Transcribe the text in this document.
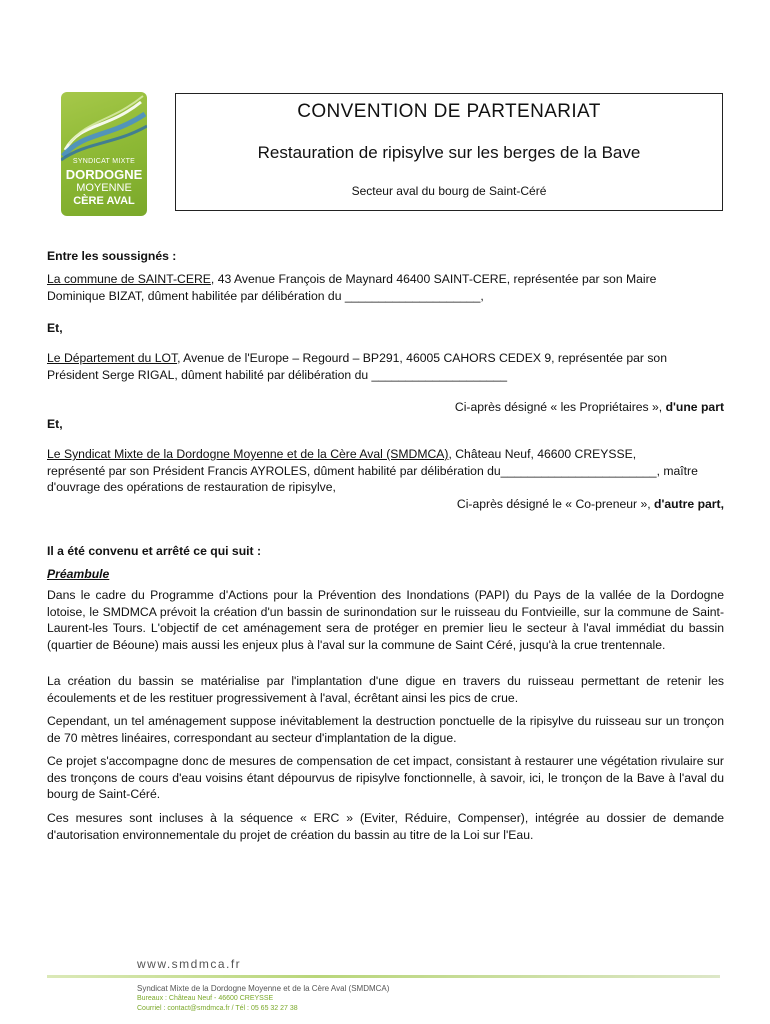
SYNDICAT MIXTE
DORDOGNE
MOYENNE
CÈRE AVAL
CONVENTION DE PARTENARIAT
Restauration de ripisylve sur les berges de la Bave
Secteur aval du bourg de Saint-Céré
Entre les soussignés :
La commune de SAINT-CERE, 43 Avenue François de Maynard 46400 SAINT-CERE, représentée par son Maire
Dominique BIZAT, dûment habilitée par délibération du ____________________,
Et,
Le Département du LOT, Avenue de l'Europe – Regourd – BP291, 46005 CAHORS CEDEX 9, représentée par son
Président Serge RIGAL, dûment habilité par délibération du ____________________
Ci-après désigné « les Propriétaires », d'une part
Et,
Le Syndicat Mixte de la Dordogne Moyenne et de la Cère Aval (SMDMCA), Château Neuf, 46600 CREYSSE,
représenté par son Président Francis AYROLES, dûment habilité par délibération du_______________________, maître
d'ouvrage des opérations de restauration de ripisylve,
Ci-après désigné le « Co-preneur », d'autre part,
Il a été convenu et arrêté ce qui suit :
Préambule
Dans le cadre du Programme d'Actions pour la Prévention des Inondations (PAPI) du Pays de la vallée de la Dordogne lotoise, le SMDMCA prévoit la création d'un bassin de surinondation sur le ruisseau du Fontvieille, sur la commune de Saint-Laurent-les Tours. L'objectif de cet aménagement sera de protéger en premier lieu le secteur à l'aval immédiat du bassin (quartier de Béoune) mais aussi les enjeux plus à l'aval sur la commune de Saint Céré, jusqu'à la crue trentennale.
La création du bassin se matérialise par l'implantation d'une digue en travers du ruisseau permettant de retenir les écoulements et de les restituer progressivement à l'aval, écrêtant ainsi les pics de crue.
Cependant, un tel aménagement suppose inévitablement la destruction ponctuelle de la ripisylve du ruisseau sur un tronçon de 70 mètres linéaires, correspondant au secteur d'implantation de la digue.
Ce projet s'accompagne donc de mesures de compensation de cet impact, consistant à restaurer une végétation rivulaire sur des tronçons de cours d'eau voisins étant dépourvus de ripisylve fonctionnelle, à savoir, ici, le tronçon de la Bave à l'aval du bourg de Saint-Céré.
Ces mesures sont incluses à la séquence « ERC » (Eviter, Réduire, Compenser), intégrée au dossier de demande d'autorisation environnementale du projet de création du bassin au titre de la Loi sur l'Eau.
www.smdmca.fr
Syndicat Mixte de la Dordogne Moyenne et de la Cère Aval (SMDMCA)
Bureaux : Château Neuf - 46600 CREYSSE
Courriel : contact@smdmca.fr / Tél : 05 65 32 27 38
